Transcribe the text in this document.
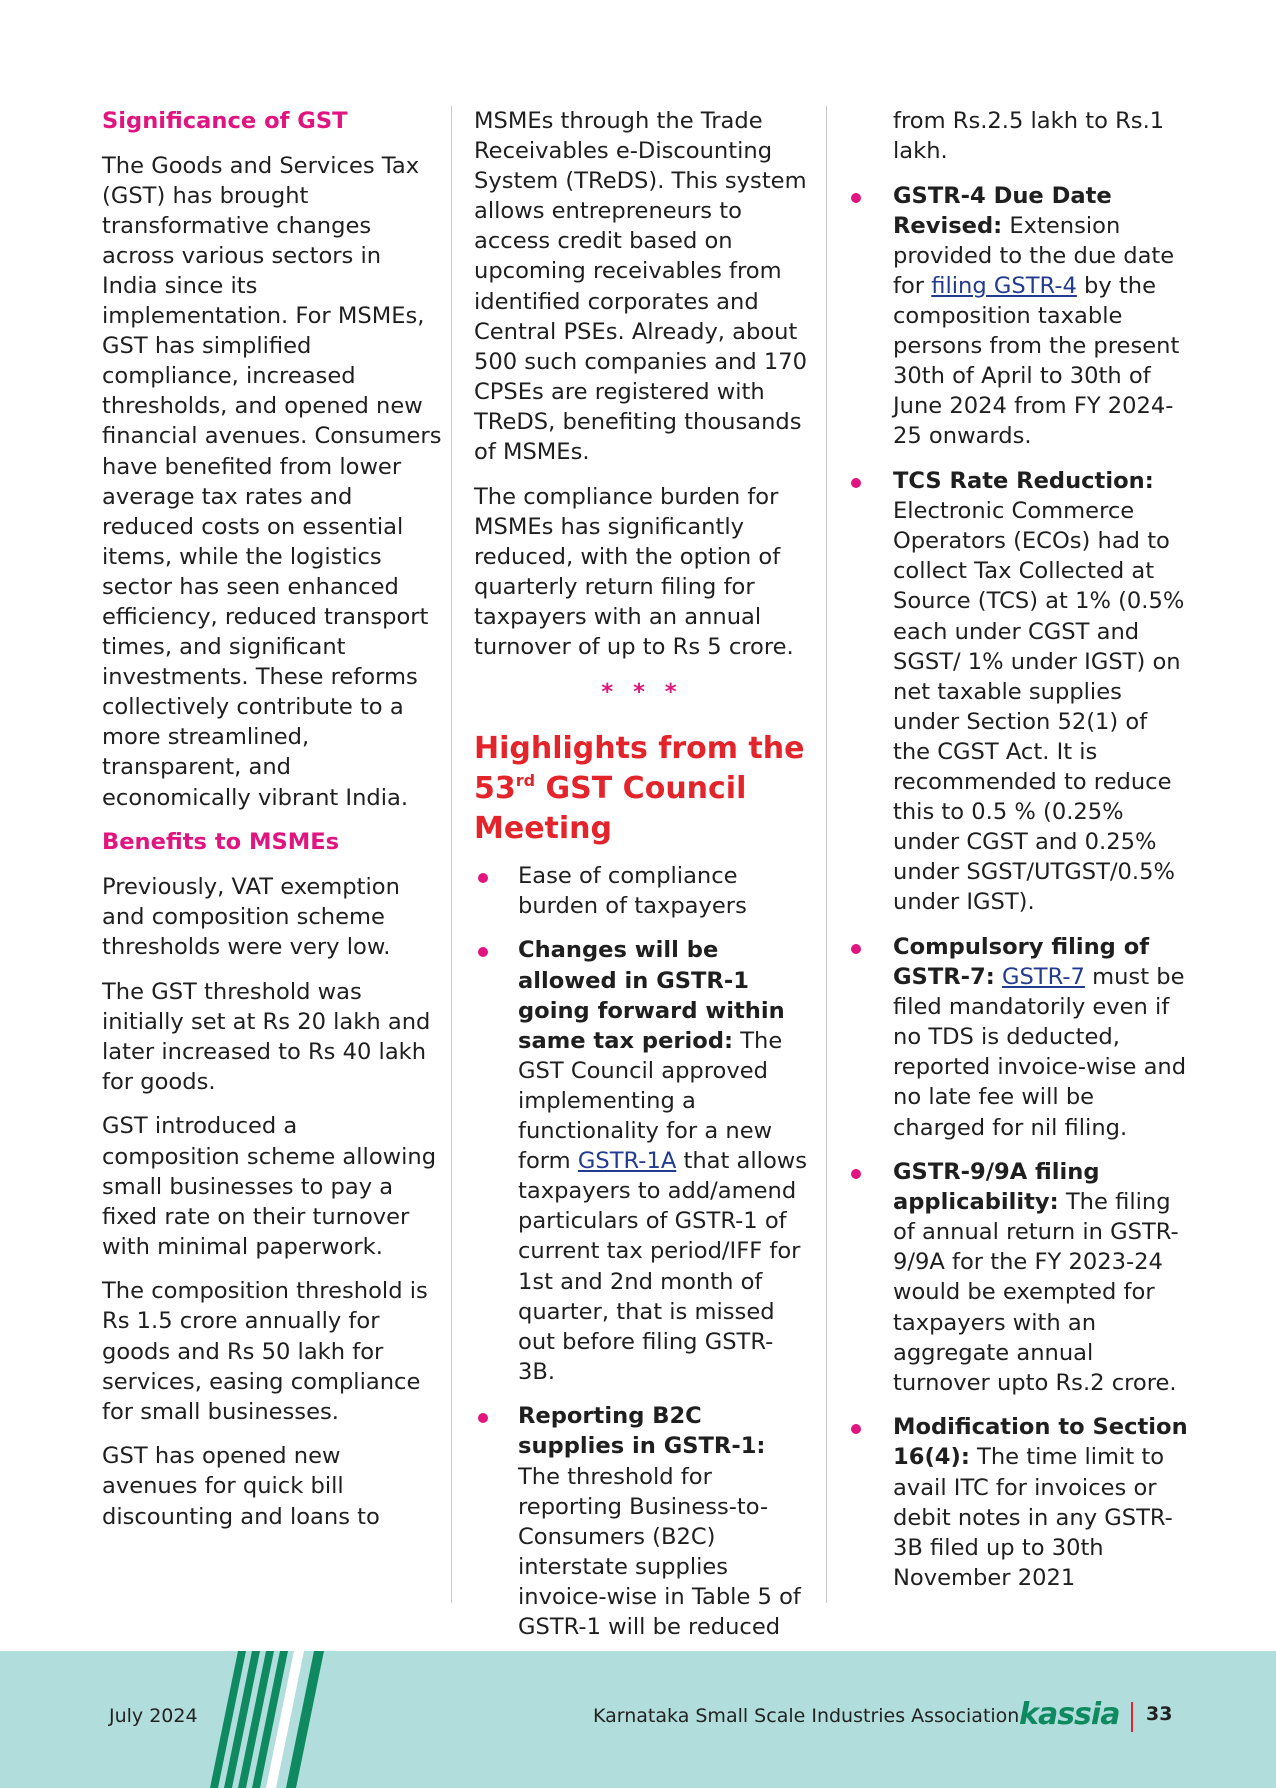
Significance of GST

The Goods and Services Tax (GST) has brought transformative changes across various sectors in India since its implementation. For MSMEs, GST has simplified compliance, increased thresholds, and opened new financial avenues. Consumers have benefited from lower average tax rates and reduced costs on essential items, while the logistics sector has seen enhanced efficiency, reduced transport times, and significant investments. These reforms collectively contribute to a more streamlined, transparent, and economically vibrant India.

Benefits to MSMEs

Previously, VAT exemption and composition scheme thresholds were very low.

The GST threshold was initially set at Rs 20 lakh and later increased to Rs 40 lakh for goods.

GST introduced a composition scheme allowing small businesses to pay a fixed rate on their turnover with minimal paperwork.

The composition threshold is Rs 1.5 crore annually for goods and Rs 50 lakh for services, easing compliance for small businesses.

GST has opened new avenues for quick bill discounting and loans to

MSMEs through the Trade Receivables e-Discounting System (TReDS). This system allows entrepreneurs to access credit based on upcoming receivables from identified corporates and Central PSEs. Already, about 500 such companies and 170 CPSEs are registered with TReDS, benefiting thousands of MSMEs.

The compliance burden for MSMEs has significantly reduced, with the option of quarterly return filing for taxpayers with an annual turnover of up to Rs 5 crore.

* * *

Highlights from the
53rd GST Council
Meeting
Ease of compliance burden of taxpayers
Changes will be allowed in GSTR-1 going forward within same tax period: The GST Council approved implementing a functionality for a new form GSTR-1A that allows taxpayers to add/amend particulars of GSTR-1 of current tax period/IFF for 1st and 2nd month of quarter, that is missed out before filing GSTR-3B.
Reporting B2C supplies in GSTR-1: The threshold for reporting Business-to-Consumers (B2C) interstate supplies invoice-wise in Table 5 of GSTR-1 will be reduced
from Rs.2.5 lakh to Rs.1 lakh.
GSTR-4 Due Date Revised: Extension provided to the due date for filing GSTR-4 by the composition taxable persons from the present 30th of April to 30th of June 2024 from FY 2024-25 onwards.
TCS Rate Reduction: Electronic Commerce Operators (ECOs) had to collect Tax Collected at Source (TCS) at 1% (0.5% each under CGST and SGST/ 1% under IGST) on net taxable supplies under Section 52(1) of the CGST Act. It is recommended to reduce this to 0.5 % (0.25% under CGST and 0.25% under SGST/UTGST/0.5% under IGST).
Compulsory filing of GSTR-7: GSTR-7 must be filed mandatorily even if no TDS is deducted, reported invoice-wise and no late fee will be charged for nil filing.
GSTR-9/9A filing applicability: The filing of annual return in GSTR-9/9A for the FY 2023-24 would be exempted for taxpayers with an aggregate annual turnover upto Rs.2 crore.
Modification to Section 16(4): The time limit to avail ITC for invoices or debit notes in any GSTR-3B filed up to 30th November 2021
July 2024	Karnataka Small Scale Industries Association kassia 33
